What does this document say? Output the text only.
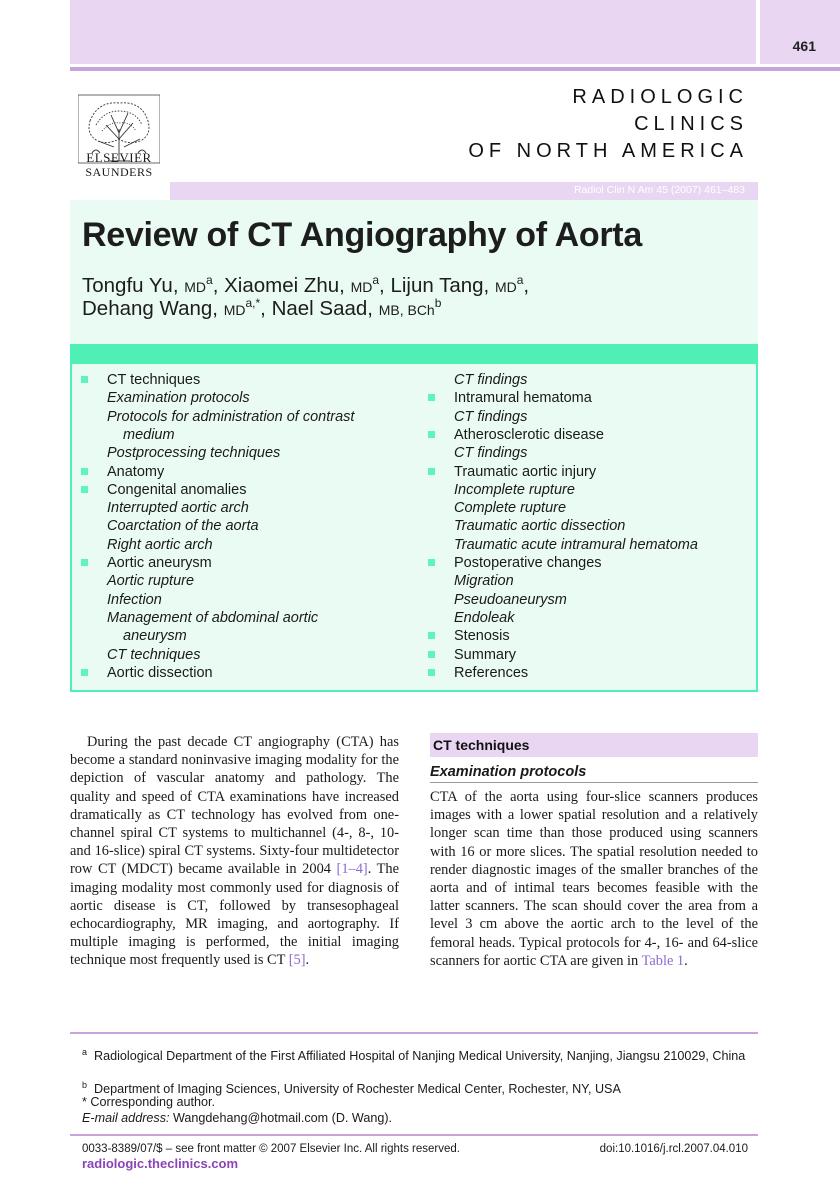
461
ELSEVIER
SAUNDERS
RADIOLOGIC
CLINICS
OF NORTH AMERICA
Radiol Clin N Am 45 (2007) 461–483
Review of CT Angiography of Aorta
Tongfu Yu, $MD^a$, Xiaomei Zhu, $MD^a$, Lijun Tang, $MD^a$,
Dehang Wang, $MD^{a,*}$, Nael Saad, MB, BCh$^b$
CT techniques
Examination protocols
Protocols for administration of contrast
medium
Postprocessing techniques
Anatomy
Congenital anomalies
Interrupted aortic arch
Coarctation of the aorta
Right aortic arch
Aortic aneurysm
Aortic rupture
Infection
Management of abdominal aortic
aneurysm
CT techniques
Aortic dissection
CT findings
Intramural hematoma
CT findings
Atherosclerotic disease
CT findings
Traumatic aortic injury
Incomplete rupture
Complete rupture
Traumatic aortic dissection
Traumatic acute intramural hematoma
Postoperative changes
Migration
Pseudoaneurysm
Endoleak
Stenosis
Summary
References
During the past decade CT angiography (CTA) has become a standard noninvasive imaging modality for the depiction of vascular anatomy and pathology. The quality and speed of CTA examinations have increased dramatically as CT technology has evolved from one-channel spiral CT systems to multichannel (4-, 8-, 10- and 16-slice) spiral CT systems. Sixty-four multidetector row CT (MDCT) became available in 2004 [1–4]. The imaging modality most commonly used for diagnosis of aortic disease is CT, followed by transesophageal echocardiography, MR imaging, and aortography. If multiple imaging is performed, the initial imaging technique most frequently used is CT [5].
CT techniques
Examination protocols
CTA of the aorta using four-slice scanners produces images with a lower spatial resolution and a relatively longer scan time than those produced using scanners with 16 or more slices. The spatial resolution needed to render diagnostic images of the smaller branches of the aorta and of intimal tears becomes feasible with the latter scanners. The scan should cover the area from a level 3 cm above the aortic arch to the level of the femoral heads. Typical protocols for 4-, 16- and 64-slice scanners for aortic CTA are given in Table 1.
$^a$ Radiological Department of the First Affiliated Hospital of Nanjing Medical University, Nanjing, Jiangsu 210029, China
$^b$ Department of Imaging Sciences, University of Rochester Medical Center, Rochester, NY, USA
* Corresponding author.
E-mail address: Wangdehang@hotmail.com (D. Wang).
0033-8389/07/$ – see front matter © 2007 Elsevier Inc. All rights reserved.
radiologic.theclinics.com
doi:10.1016/j.rcl.2007.04.010
